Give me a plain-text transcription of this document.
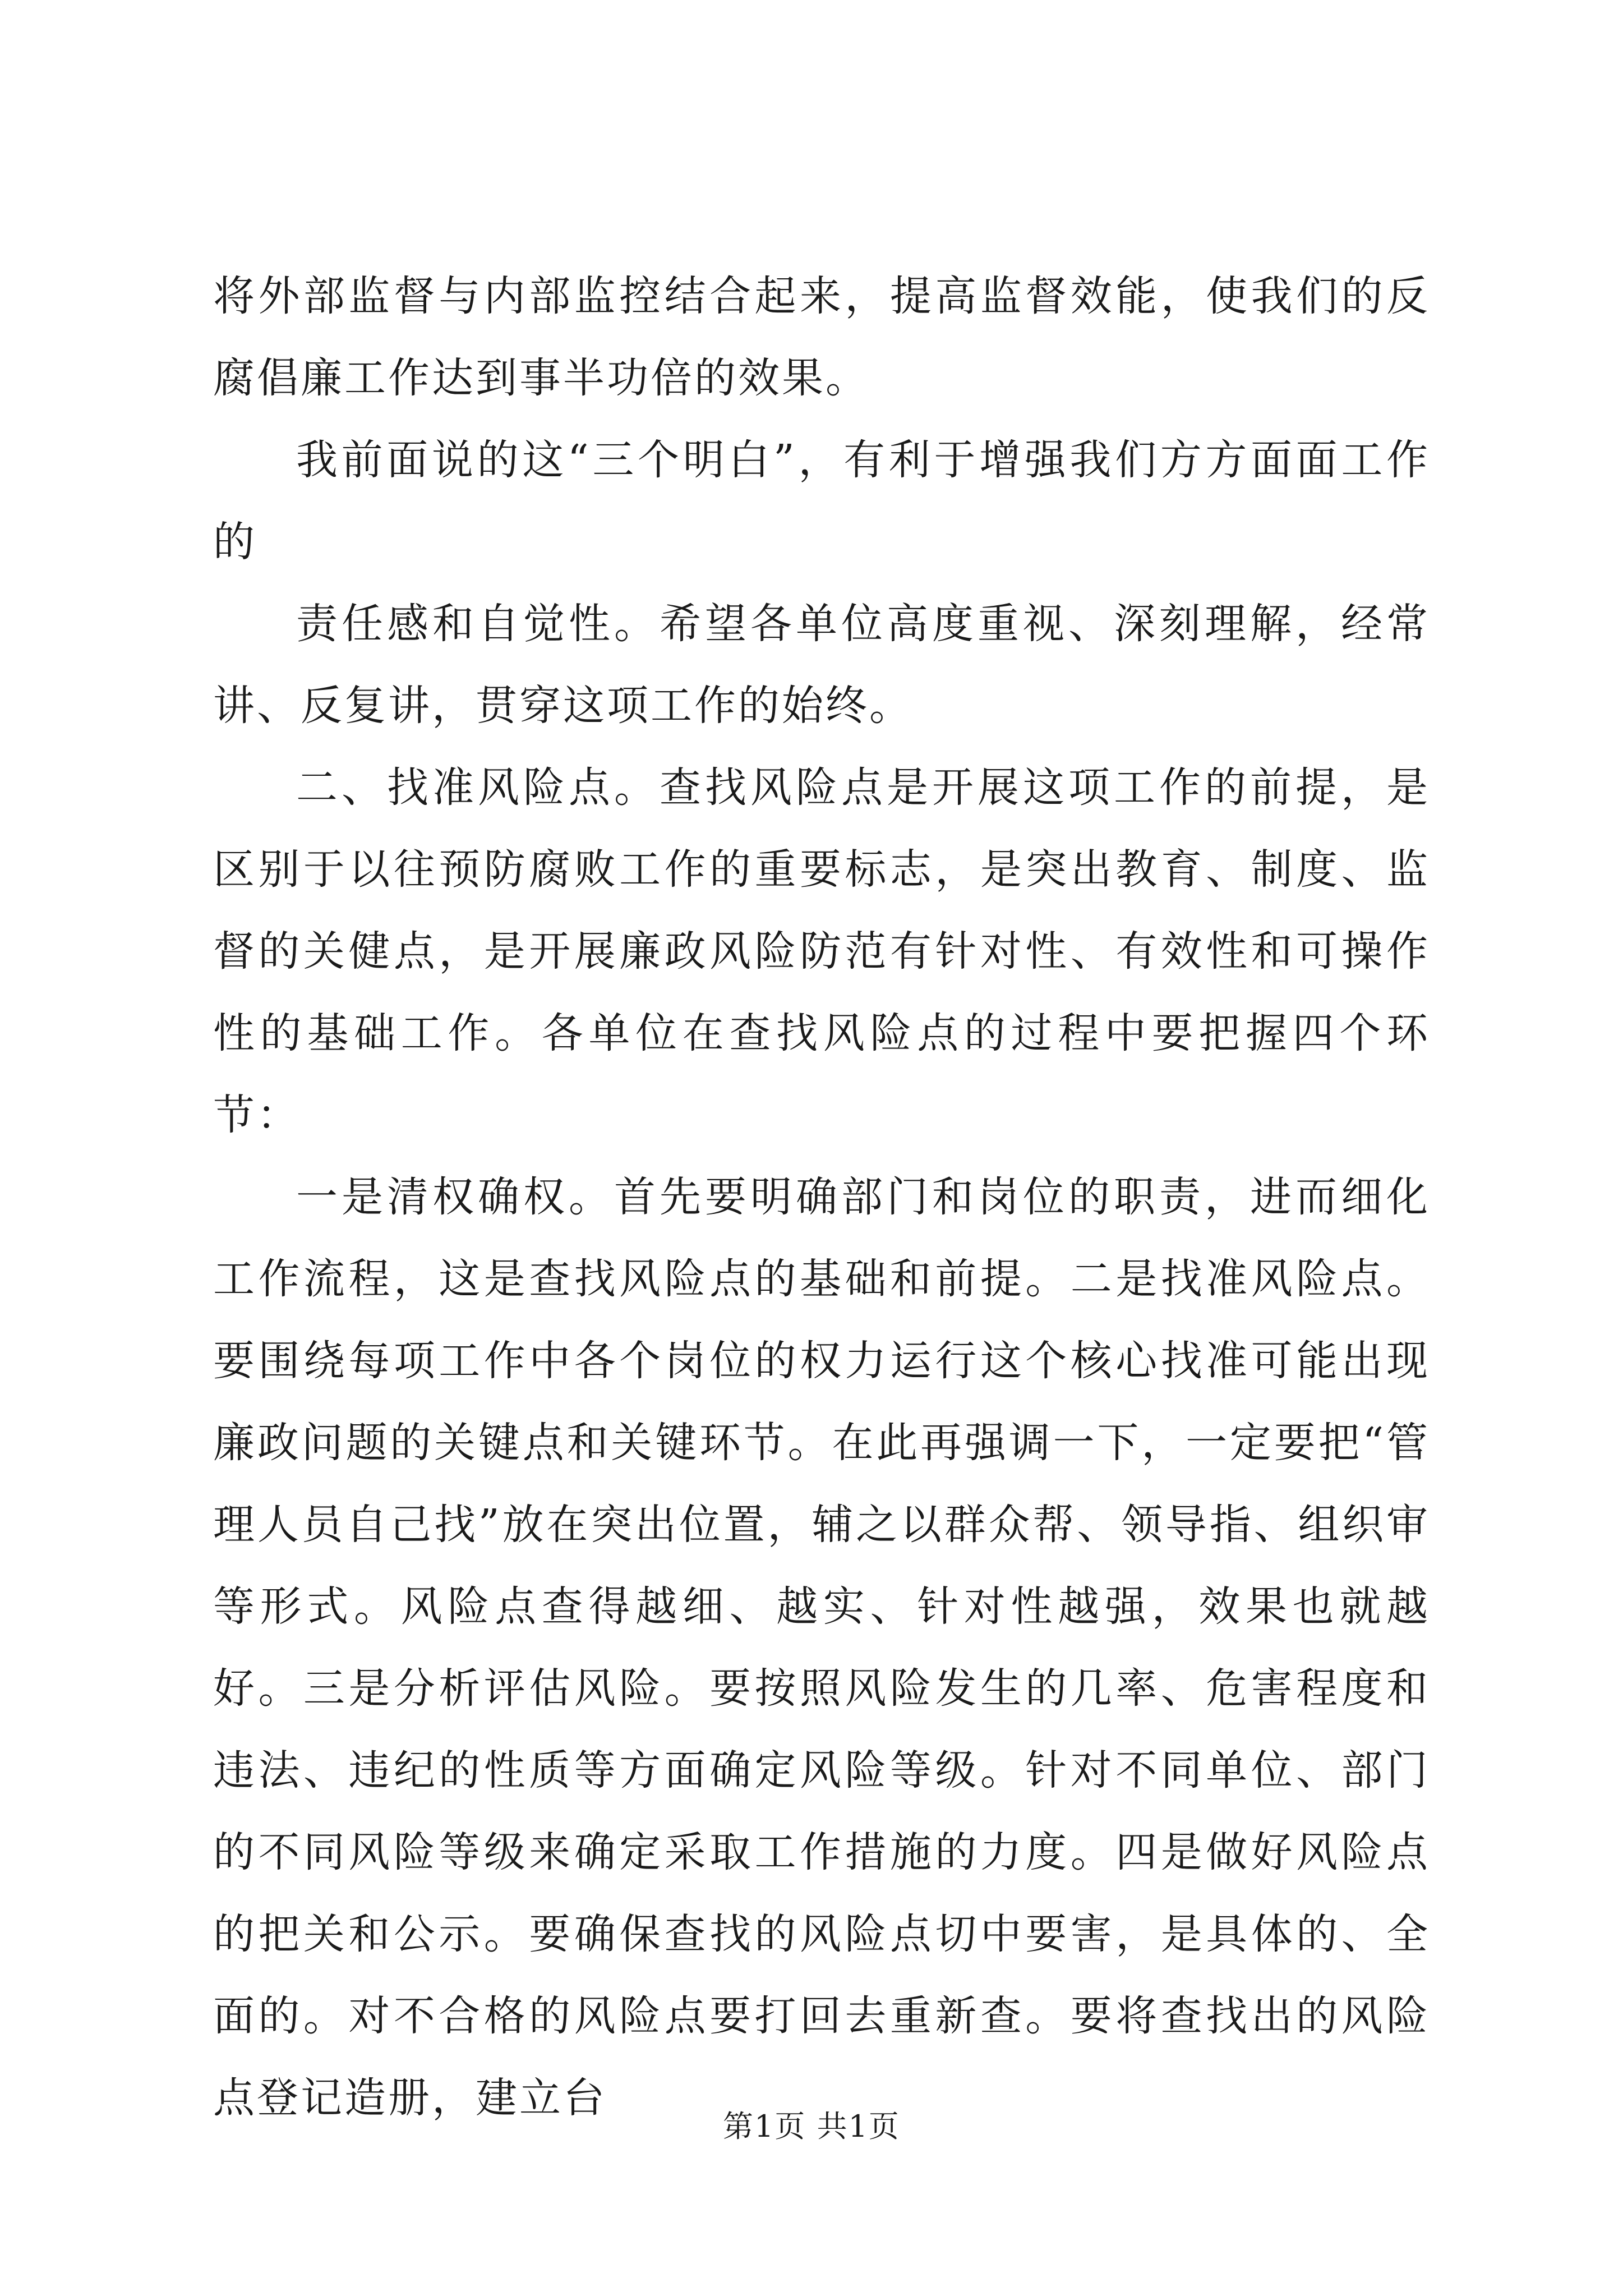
将外部监督与内部监控结合起来，提高监督效能，使我们的反腐倡廉工作达到事半功倍的效果。

我前面说的这“三个明白”，有利于增强我们方方面面工作的

责任感和自觉性。希望各单位高度重视、深刻理解，经常讲、反复讲，贯穿这项工作的始终。

二、找准风险点。查找风险点是开展这项工作的前提，是区别于以往预防腐败工作的重要标志，是突出教育、制度、监督的关健点，是开展廉政风险防范有针对性、有效性和可操作性的基础工作。各单位在查找风险点的过程中要把握四个环节：

一是清权确权。首先要明确部门和岗位的职责，进而细化工作流程，这是查找风险点的基础和前提。二是找准风险点。要围绕每项工作中各个岗位的权力运行这个核心找准可能出现廉政问题的关键点和关键环节。在此再强调一下，一定要把“管理人员自己找”放在突出位置，辅之以群众帮、领导指、组织审等形式。风险点查得越细、越实、针对性越强，效果也就越好。三是分析评估风险。要按照风险发生的几率、危害程度和违法、违纪的性质等方面确定风险等级。针对不同单位、部门的不同风险等级来确定采取工作措施的力度。四是做好风险点的把关和公示。要确保查找的风险点切中要害，是具体的、全面的。对不合格的风险点要打回去重新查。要将查找出的风险点登记造册，建立台

第1页 共1页
